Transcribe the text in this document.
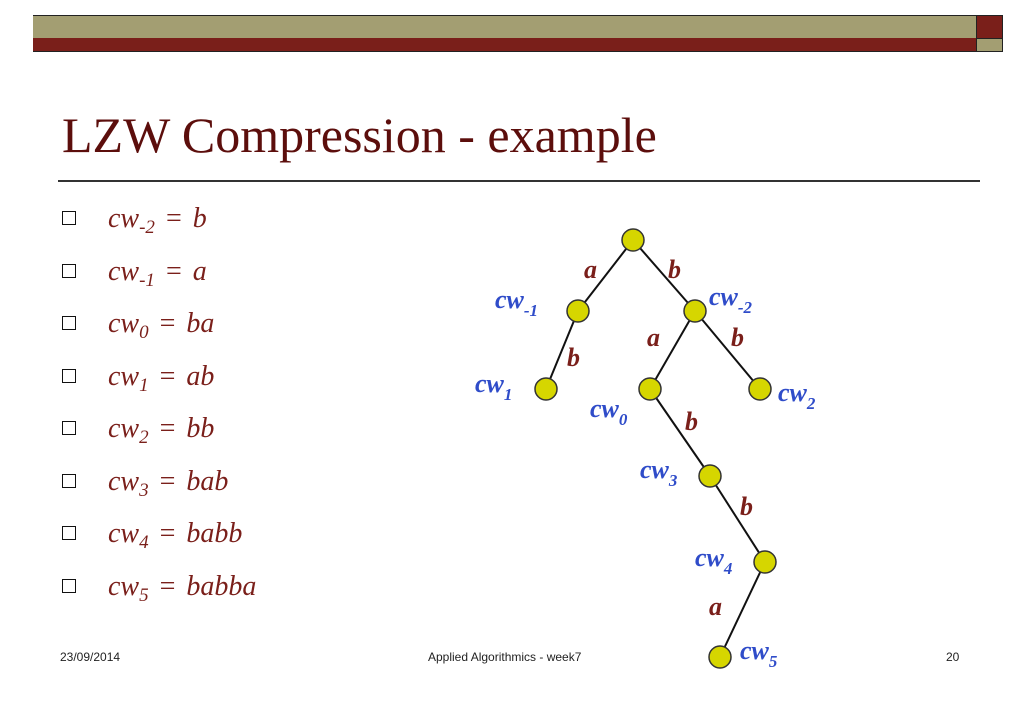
LZW Compression - example
$cw_{-2} = b$
$cw_{-1} = a$
$cw_0$ = ba
$cw_1$ = ab
$cw_2$ = bb
$cw_3$ = bab
$cw_4$ = babb
$cw_5$ = babba
a	b
b
a	b
b
b
a
$cw_{-1}$	$cw_{-2}$
$cw_1$	$cw_0$
$cw_2$
$cw_3$
$cw_4$
$cw_5$
23/09/2014	Applied Algorithmics - week7	20
